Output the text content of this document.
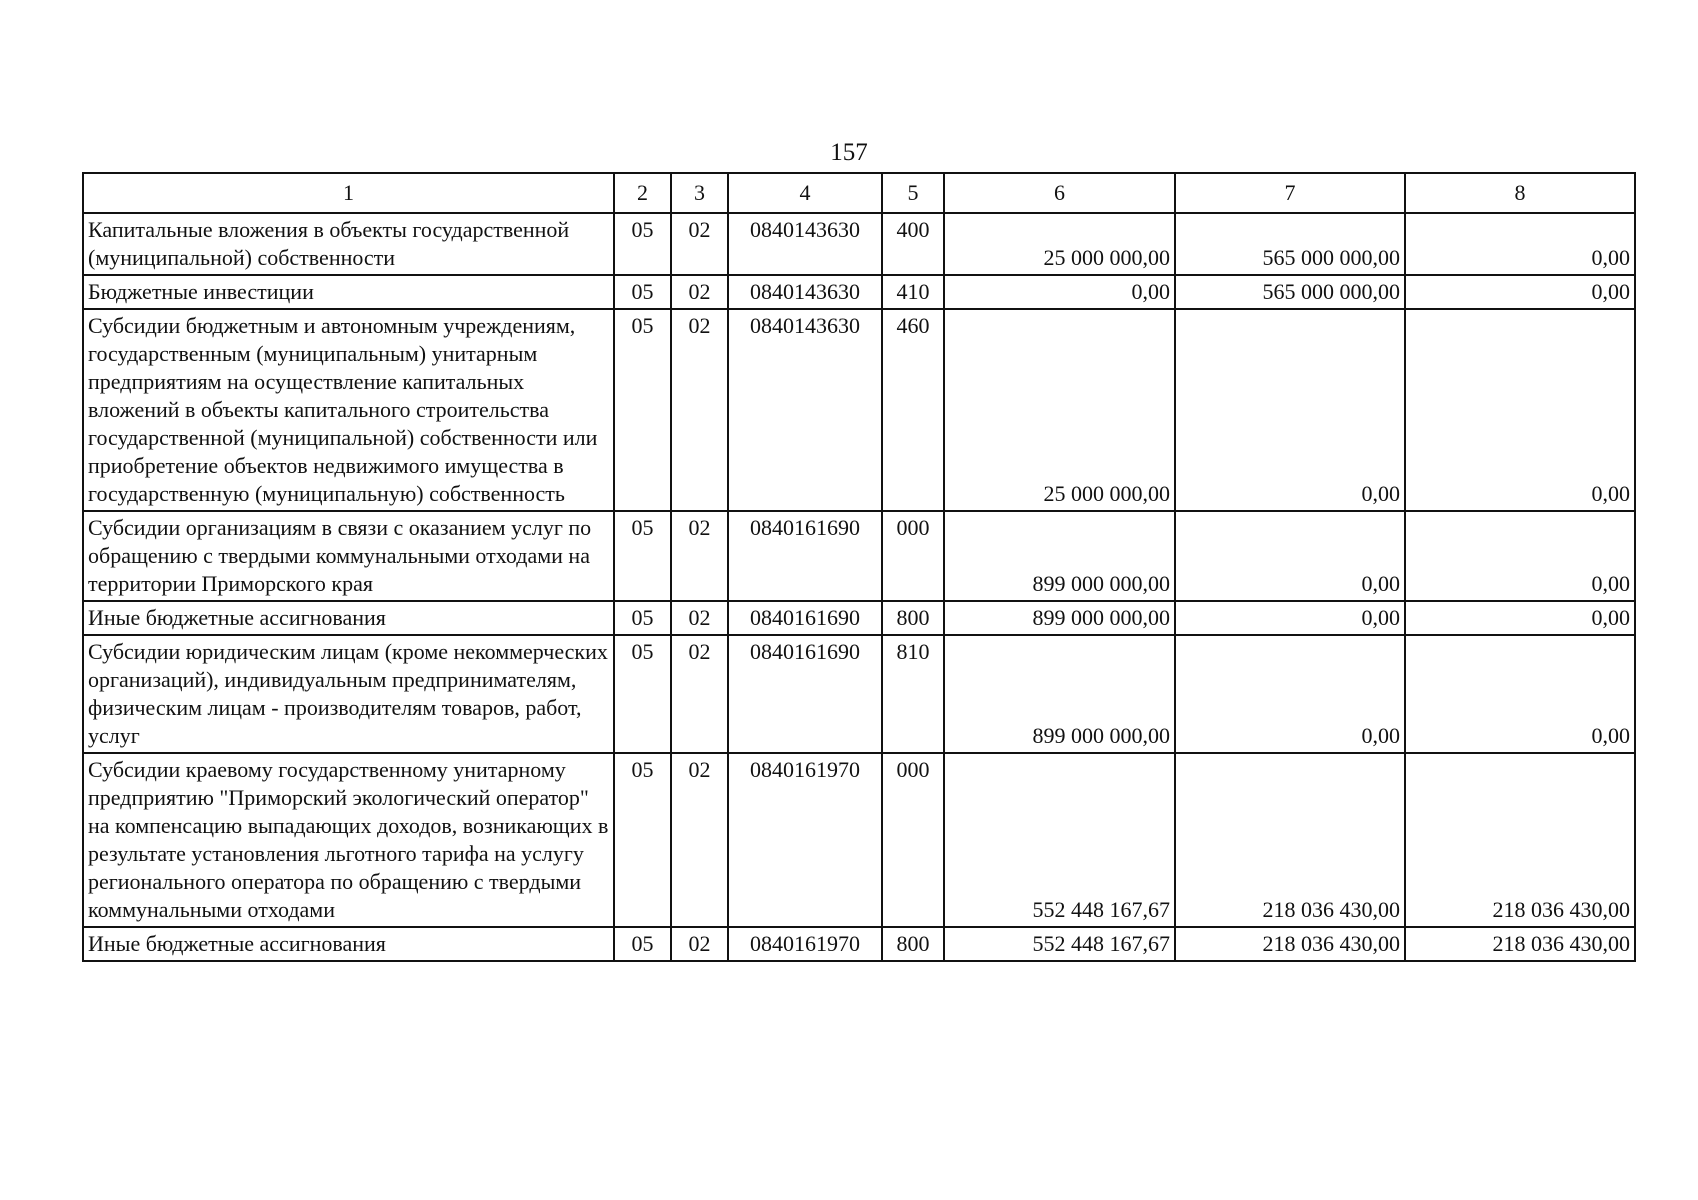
157
1	2	3	4	5	6	7	8
Капитальные вложения в объекты государственной (муниципальной) собственности	05	02	0840143630	400	25 000 000,00	565 000 000,00	0,00
Бюджетные инвестиции	05	02	0840143630	410	0,00	565 000 000,00	0,00
Субсидии бюджетным и автономным учреждениям, государственным (муниципальным) унитарным предприятиям на осуществление капитальных вложений в объекты капитального строительства государственной (муниципальной) собственности или приобретение объектов недвижимого имущества в государственную (муниципальную) собственность	05	02	0840143630	460	25 000 000,00	0,00	0,00
Субсидии организациям в связи с оказанием услуг по обращению с твердыми коммунальными отходами на территории Приморского края	05	02	0840161690	000	899 000 000,00	0,00	0,00
Иные бюджетные ассигнования	05	02	0840161690	800	899 000 000,00	0,00	0,00
Субсидии юридическим лицам (кроме некоммерческих организаций), индивидуальным предпринимателям, физическим лицам - производителям товаров, работ, услуг	05	02	0840161690	810	899 000 000,00	0,00	0,00
Субсидии краевому государственному унитарному предприятию "Приморский экологический оператор" на компенсацию выпадающих доходов, возникающих в результате установления льготного тарифа на услугу регионального оператора по обращению с твердыми коммунальными отходами	05	02	0840161970	000	552 448 167,67	218 036 430,00	218 036 430,00
Иные бюджетные ассигнования	05	02	0840161970	800	552 448 167,67	218 036 430,00	218 036 430,00
